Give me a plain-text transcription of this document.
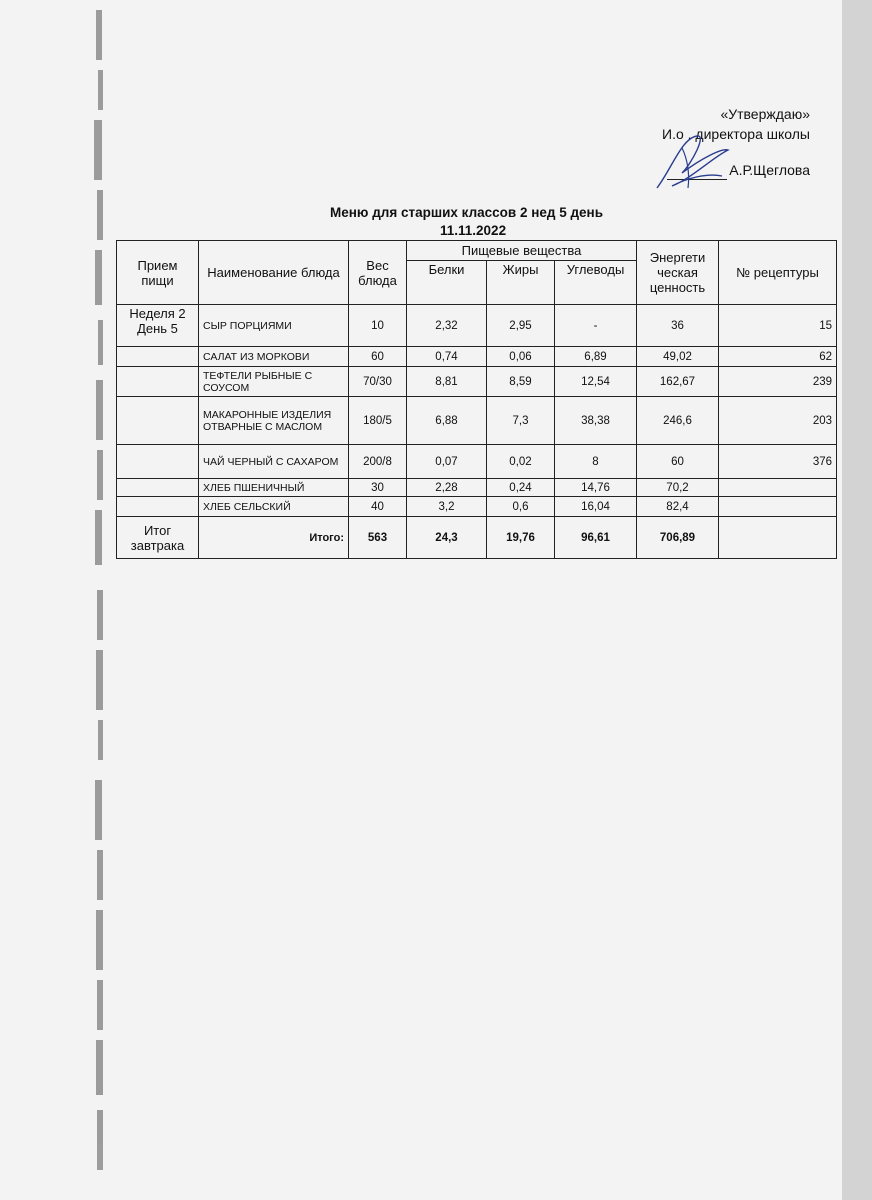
«Утверждаю»
И.о . директора школы
А.Р.Щеглова
Меню для старших классов 2 нед 5 день
11.11.2022
Прием пищи	Наименование блюда	Вес блюда	Пищевые вещества			Энергети ческая ценность	№ рецептуры
			Белки	Жиры	Углеводы		
Неделя 2 День 5	СЫР ПОРЦИЯМИ	10	2,32	2,95	-	36	15
	САЛАТ ИЗ МОРКОВИ	60	0,74	0,06	6,89	49,02	62
	ТЕФТЕЛИ РЫБНЫЕ С СОУСОМ	70/30	8,81	8,59	12,54	162,67	239
	МАКАРОННЫЕ ИЗДЕЛИЯ ОТВАРНЫЕ С МАСЛОМ	180/5	6,88	7,3	38,38	246,6	203
	ЧАЙ ЧЕРНЫЙ С САХАРОМ	200/8	0,07	0,02	8	60	376
	ХЛЕБ ПШЕНИЧНЫЙ	30	2,28	0,24	14,76	70,2	
	ХЛЕБ СЕЛЬСКИЙ	40	3,2	0,6	16,04	82,4	
Итог завтрака	Итого:	563	24,3	19,76	96,61	706,89	
